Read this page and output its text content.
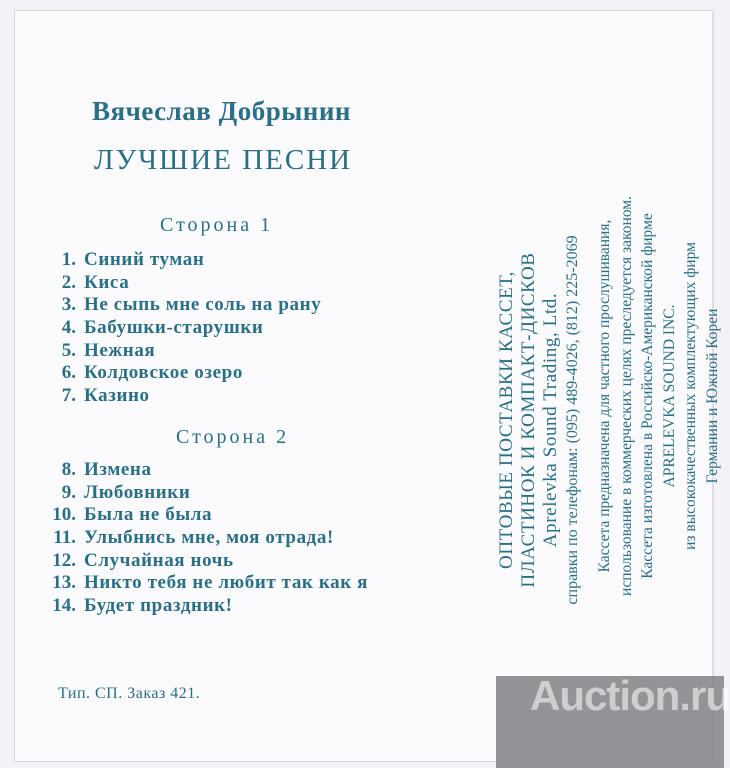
Вячеслав Добрынин
ЛУЧШИЕ ПЕСНИ
Сторона 1
1. Синий туман
2. Киса
3. Не сыпь мне соль на рану
4. Бабушки-старушки
5. Нежная
6. Колдовское озеро
7. Казино
Сторона 2
8. Измена
9. Любовники
10. Была не была
11. Улыбнись мне, моя отрада!
12. Случайная ночь
13. Никто тебя не любит так как я
14. Будет праздник!
Тип. СП. Заказ 421.
ОПТОВЫЕ ПОСТАВКИ КАССЕТ, ПЛАСТИНОК И КОМПАКТ-ДИСКОВ Aprelevka Sound Trading, Ltd. справки по телефонам: (095) 489-4026, (812) 225-2069 Кассета предназначена для частного прослушивания, использование в коммерческих целях преследуется законом. Кассета изготовлена в Российско-Американской фирме APRELEVKA SOUND INC. из высококачественных комплектующих фирм Германии и Южной Кореи
Auction.ru
